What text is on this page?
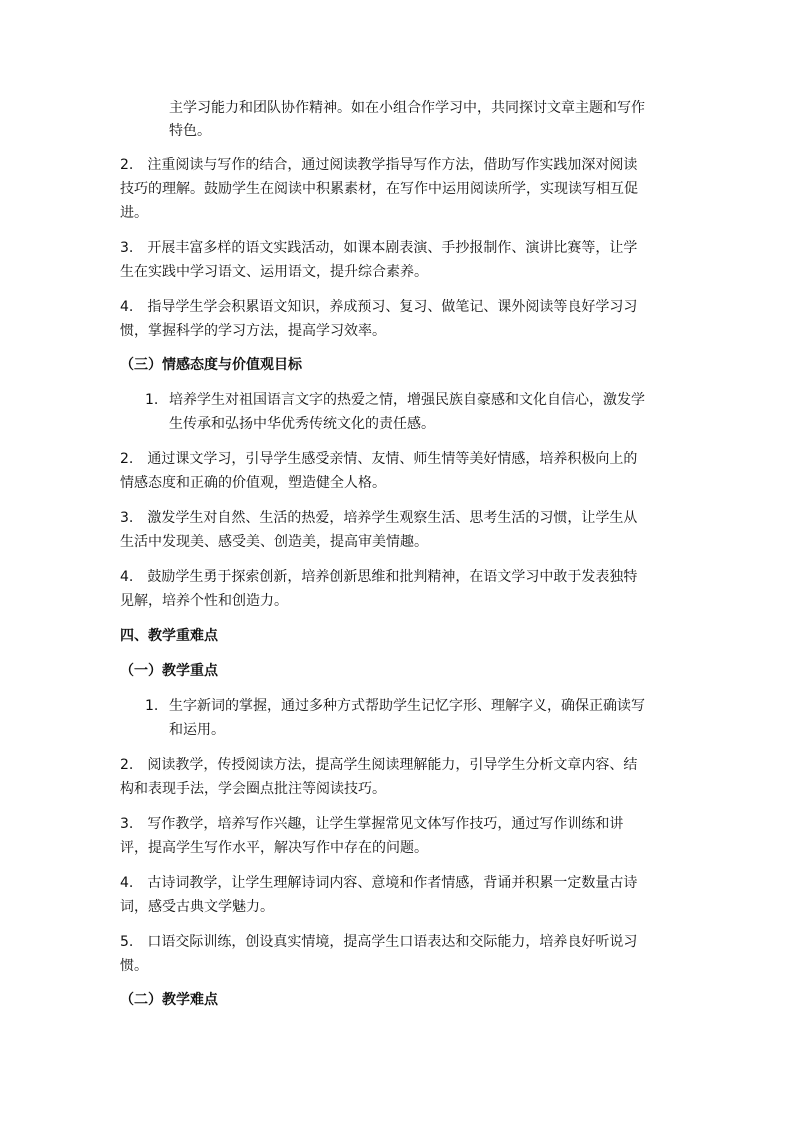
主学习能力和团队协作精神。如在小组合作学习中，共同探讨文章主题和写作
特色。
2.　注重阅读与写作的结合，通过阅读教学指导写作方法，借助写作实践加深对阅读
技巧的理解。鼓励学生在阅读中积累素材，在写作中运用阅读所学，实现读写相互促
进。
3.　开展丰富多样的语文实践活动，如课本剧表演、手抄报制作、演讲比赛等，让学
生在实践中学习语文、运用语文，提升综合素养。
4.　指导学生学会积累语文知识，养成预习、复习、做笔记、课外阅读等良好学习习
惯，掌握科学的学习方法，提高学习效率。
（三）情感态度与价值观目标
1. 培养学生对祖国语言文字的热爱之情，增强民族自豪感和文化自信心，激发学
生传承和弘扬中华优秀传统文化的责任感。
2.　通过课文学习，引导学生感受亲情、友情、师生情等美好情感，培养积极向上的
情感态度和正确的价值观，塑造健全人格。
3.　激发学生对自然、生活的热爱，培养学生观察生活、思考生活的习惯，让学生从
生活中发现美、感受美、创造美，提高审美情趣。
4.　鼓励学生勇于探索创新，培养创新思维和批判精神，在语文学习中敢于发表独特
见解，培养个性和创造力。
四、教学重难点
（一）教学重点
1. 生字新词的掌握，通过多种方式帮助学生记忆字形、理解字义，确保正确读写
和运用。
2.　阅读教学，传授阅读方法，提高学生阅读理解能力，引导学生分析文章内容、结
构和表现手法，学会圈点批注等阅读技巧。
3.　写作教学，培养写作兴趣，让学生掌握常见文体写作技巧，通过写作训练和讲
评，提高学生写作水平，解决写作中存在的问题。
4.　古诗词教学，让学生理解诗词内容、意境和作者情感，背诵并积累一定数量古诗
词，感受古典文学魅力。
5.　口语交际训练，创设真实情境，提高学生口语表达和交际能力，培养良好听说习
惯。
（二）教学难点
